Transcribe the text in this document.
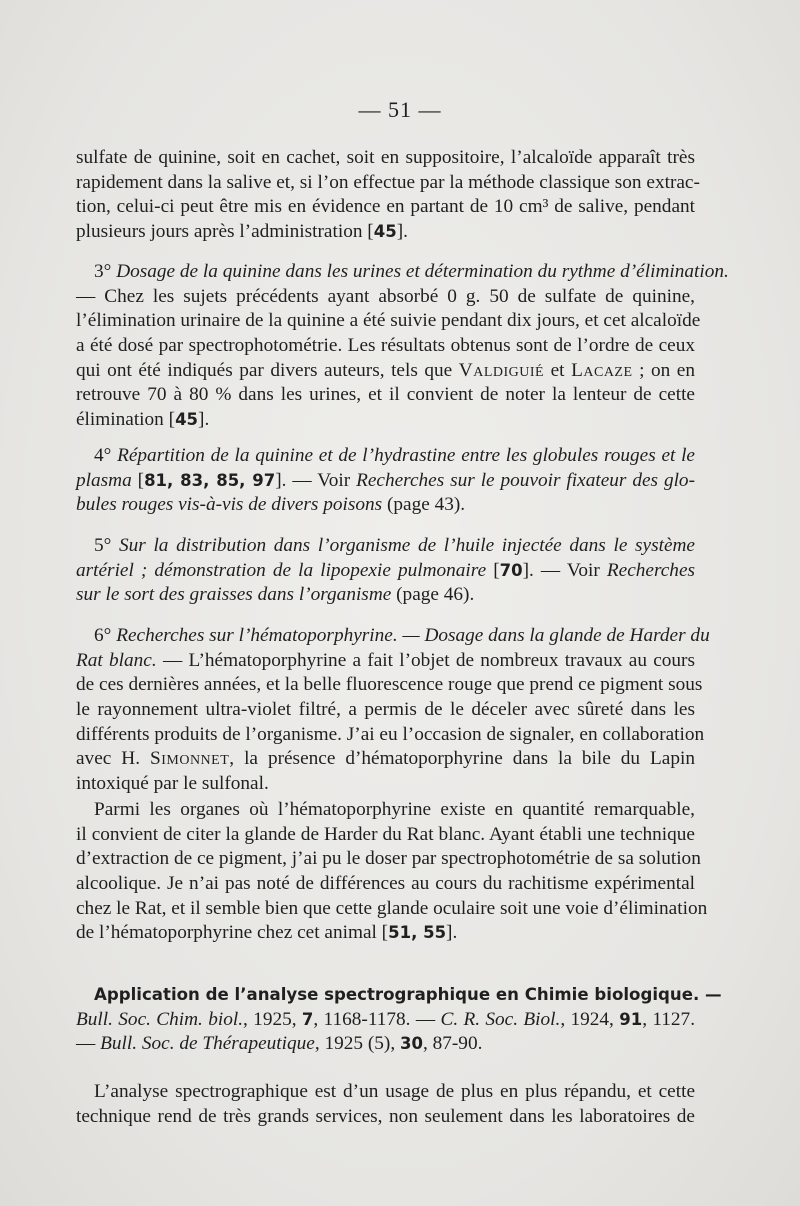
— 51 —
sulfate de quinine, soit en cachet, soit en suppositoire, l’alcaloïde apparaît très
rapidement dans la salive et, si l’on effectue par la méthode classique son extrac-
tion, celui-ci peut être mis en évidence en partant de 10 cm³ de salive, pendant
plusieurs jours après l’administration [45].
3° Dosage de la quinine dans les urines et détermination du rythme d’élimination.
— Chez les sujets précédents ayant absorbé 0 g. 50 de sulfate de quinine,
l’élimination urinaire de la quinine a été suivie pendant dix jours, et cet alcaloïde
a été dosé par spectrophotométrie. Les résultats obtenus sont de l’ordre de ceux
qui ont été indiqués par divers auteurs, tels que Valdiguié et Lacaze ; on en
retrouve 70 à 80 % dans les urines, et il convient de noter la lenteur de cette
élimination [45].
4° Répartition de la quinine et de l’hydrastine entre les globules rouges et le
plasma [81, 83, 85, 97]. — Voir Recherches sur le pouvoir fixateur des glo-
bules rouges vis-à-vis de divers poisons (page 43).
5° Sur la distribution dans l’organisme de l’huile injectée dans le système
artériel ; démonstration de la lipopexie pulmonaire [70]. — Voir Recherches
sur le sort des graisses dans l’organisme (page 46).
6° Recherches sur l’hématoporphyrine. — Dosage dans la glande de Harder du
Rat blanc. — L’hématoporphyrine a fait l’objet de nombreux travaux au cours
de ces dernières années, et la belle fluorescence rouge que prend ce pigment sous
le rayonnement ultra-violet filtré, a permis de le déceler avec sûreté dans les
différents produits de l’organisme. J’ai eu l’occasion de signaler, en collaboration
avec H. Simonnet, la présence d’hématoporphyrine dans la bile du Lapin
intoxiqué par le sulfonal.
Parmi les organes où l’hématoporphyrine existe en quantité remarquable,
il convient de citer la glande de Harder du Rat blanc. Ayant établi une technique
d’extraction de ce pigment, j’ai pu le doser par spectrophotométrie de sa solution
alcoolique. Je n’ai pas noté de différences au cours du rachitisme expérimental
chez le Rat, et il semble bien que cette glande oculaire soit une voie d’élimination
de l’hématoporphyrine chez cet animal [51, 55].
Application de l’analyse spectrographique en Chimie biologique. —
Bull. Soc. Chim. biol., 1925, 7, 1168-1178. — C. R. Soc. Biol., 1924, 91, 1127.
— Bull. Soc. de Thérapeutique, 1925 (5), 30, 87-90.
L’analyse spectrographique est d’un usage de plus en plus répandu, et cette
technique rend de très grands services, non seulement dans les laboratoires de
